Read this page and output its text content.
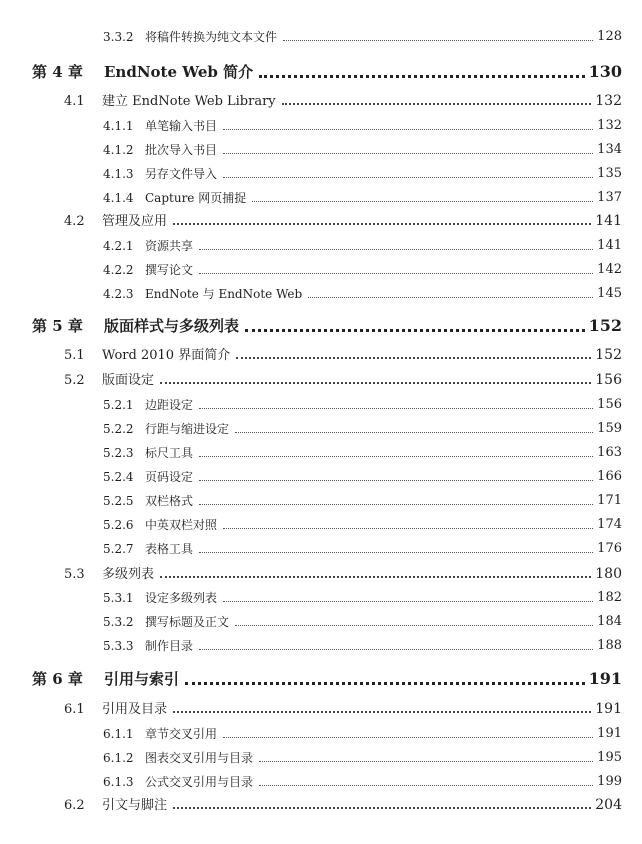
3.3.2 将稿件转换为纯文本文件	128
第 4 章	EndNote Web 简介	130
4.1	建立 EndNote Web Library	132
4.1.1 单笔输入书目	132
4.1.2 批次导入书目	134
4.1.3 另存文件导入	135
4.1.4 Capture 网页捕捉	137
4.2	管理及应用	141
4.2.1 资源共享	141
4.2.2 撰写论文	142
4.2.3 EndNote 与 EndNote Web	145
第 5 章	版面样式与多级列表	152
5.1	Word 2010 界面简介	152
5.2	版面设定	156
5.2.1 边距设定	156
5.2.2 行距与缩进设定	159
5.2.3 标尺工具	163
5.2.4 页码设定	166
5.2.5 双栏格式	171
5.2.6 中英双栏对照	174
5.2.7 表格工具	176
5.3	多级列表	180
5.3.1 设定多级列表	182
5.3.2 撰写标题及正文	184
5.3.3 制作目录	188
第 6 章	引用与索引	191
6.1	引用及目录	191
6.1.1 章节交叉引用	191
6.1.2 图表交叉引用与目录	195
6.1.3 公式交叉引用与目录	199
6.2	引文与脚注	204
